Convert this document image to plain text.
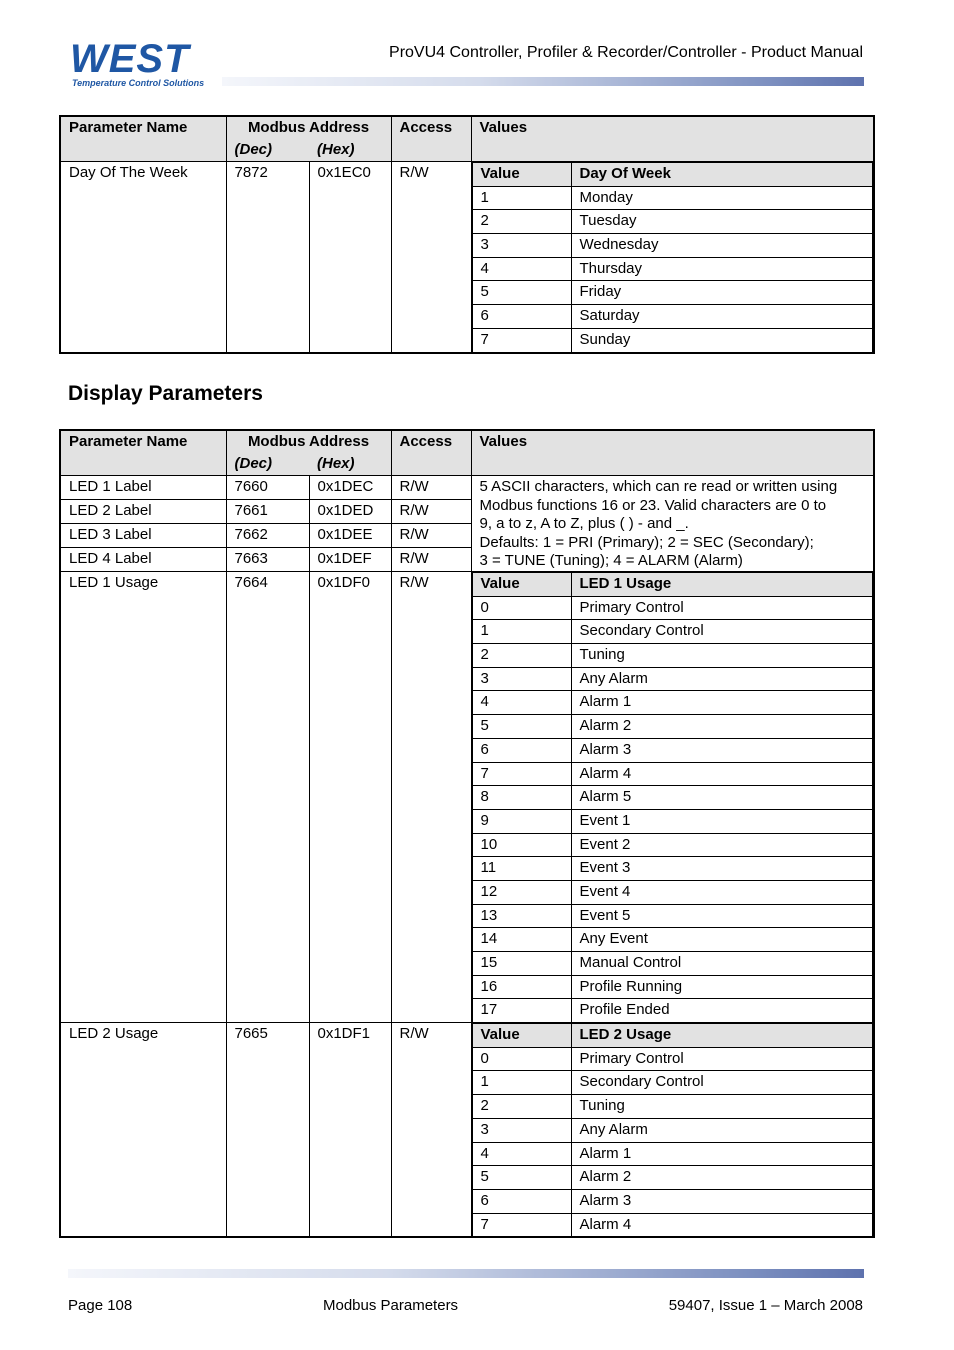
WEST
Temperature Control Solutions
ProVU4 Controller, Profiler & Recorder/Controller - Product Manual
Parameter Name	Modbus Address	Access	Values
(Dec)	(Hex)
Day Of The Week	7872	0x1EC0	R/W		Value	Day Of Week
1	Monday
2	Tuesday
3	Wednesday
4	Thursday
5	Friday
6	Saturday
7	Sunday
Display Parameters
Parameter Name	Modbus Address	Access	Values
(Dec)	(Hex)
LED 1 Label	7660	0x1DEC	R/W	5 ASCII characters, which can re read or written using
Modbus functions 16 or 23. Valid characters are 0 to
9, a to z, A to Z, plus ( ) - and _.
Defaults: 1 = PRI (Primary); 2 = SEC (Secondary);
3 = TUNE (Tuning); 4 = ALARM (Alarm)

LED 2 Label	7661	0x1DED	R/W
LED 3 Label	7662	0x1DEE	R/W
LED 4 Label	7663	0x1DEF	R/W
LED 1 Usage	7664	0x1DF0	R/W		Value	LED 1 Usage
0	Primary Control
1	Secondary Control
2	Tuning
3	Any Alarm
4	Alarm 1
5	Alarm 2
6	Alarm 3
7	Alarm 4
8	Alarm 5
9	Event 1
10	Event 2
11	Event 3
12	Event 4
13	Event 5
14	Any Event
15	Manual Control
16	Profile Running
17	Profile Ended

LED 2 Usage	7665	0x1DF1	R/W		Value	LED 2 Usage
0	Primary Control
1	Secondary Control
2	Tuning
3	Any Alarm
4	Alarm 1
5	Alarm 2
6	Alarm 3
7	Alarm 4
Page 108	Modbus Parameters	59407, Issue 1 – March 2008
